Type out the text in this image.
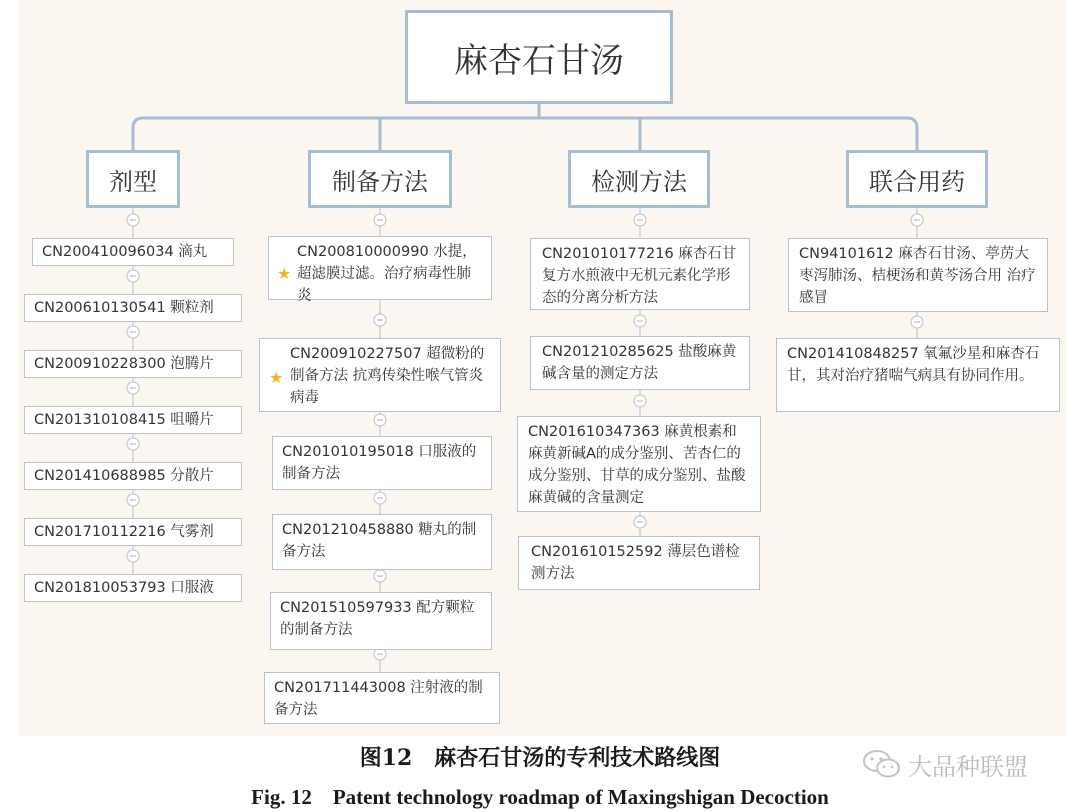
麻杏石甘汤
剂型	制备方法	检测方法	联合用药
CN200410096034 滴丸
CN200610130541 颗粒剂
CN200910228300 泡腾片
CN201310108415 咀嚼片
CN201410688985 分散片
CN201710112216 气雾剂
CN201810053793 口服液
★
CN200810000990 水提，超滤膜过滤。治疗病毒性肺炎
★
CN200910227507 超微粉的制备方法 抗鸡传染性喉气管炎病毒
CN201010195018 口服液的制备方法
CN201210458880 糖丸的制备方法
CN201510597933 配方颗粒的制备方法
CN201711443008 注射液的制备方法
CN201010177216 麻杏石甘复方水煎液中无机元素化学形态的分离分析方法
CN201210285625 盐酸麻黄碱含量的测定方法
CN201610347363 麻黄根素和麻黄新碱A的成分鉴别、苦杏仁的成分鉴别、甘草的成分鉴别、盐酸麻黄碱的含量测定
CN201610152592 薄层色谱检测方法
CN94101612 麻杏石甘汤、葶苈大枣泻肺汤、桔梗汤和黄芩汤合用 治疗感冒
CN201410848257 氧氟沙星和麻杏石甘，其对治疗猪喘气病具有协同作用。
图12　麻杏石甘汤的专利技术路线图
Fig. 12　Patent technology roadmap of Maxingshigan Decoction
大品种联盟
